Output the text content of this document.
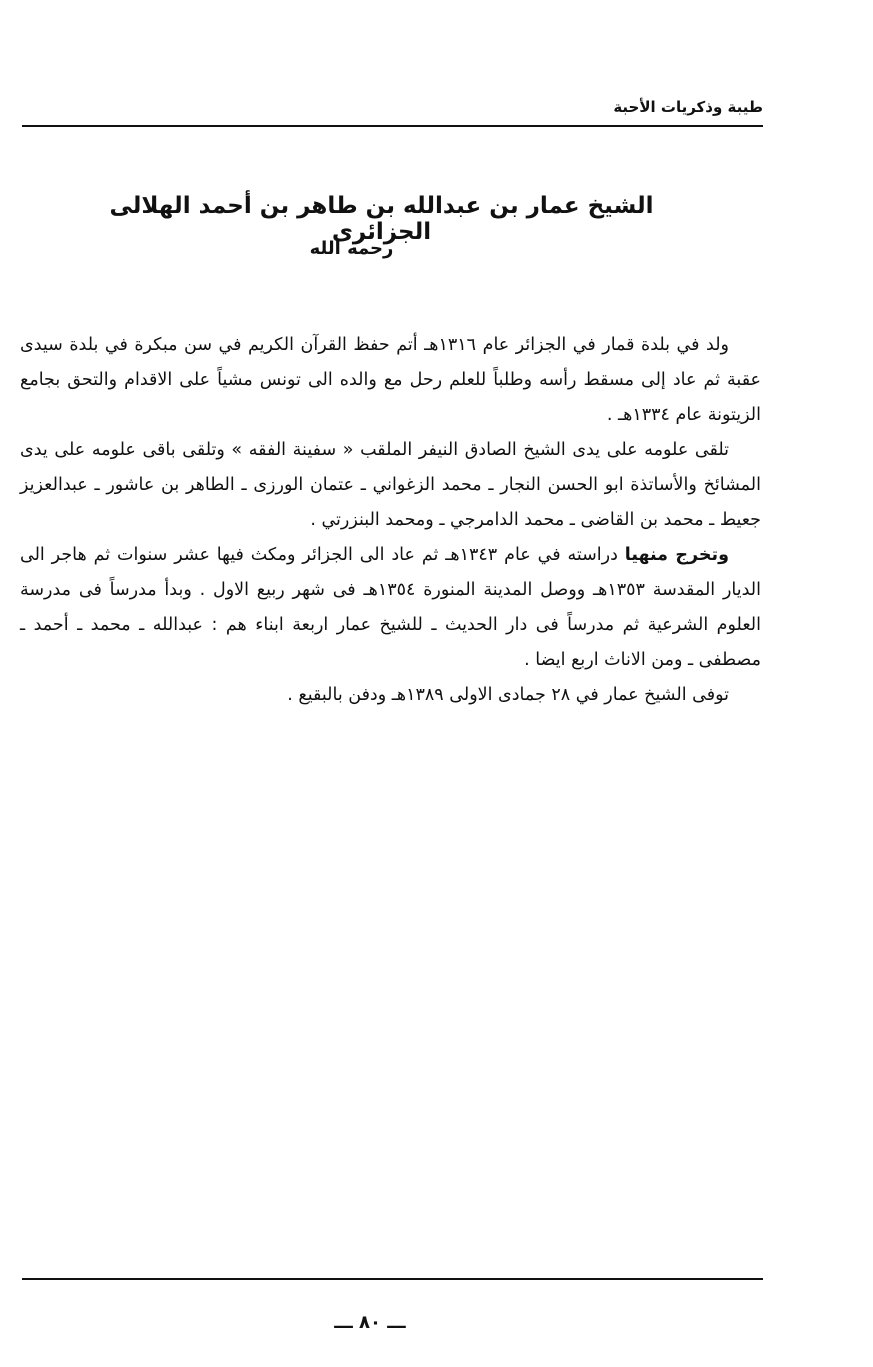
طيبة وذكريات الأحبة
الشيخ عمار بن عبدالله بن طاهر بن أحمد الهلالى الجزائرى
رحمه الله

ولد في بلدة قمار في الجزائر عام ١٣١٦هـ أتم حفظ القرآن الكريم في سن مبكرة في بلدة سيدى عقبة ثم عاد إلى مسقط رأسه وطلباً للعلم رحل مع والده الى تونس مشياً على الاقدام والتحق بجامع الزيتونة عام ١٣٣٤هـ .

تلقى علومه على يدى الشيخ الصادق النيفر الملقب « سفينة الفقه » وتلقى باقى علومه على يدى المشائخ والأساتذة ابو الحسن النجار ـ محمد الزغواني ـ عتمان الورزى ـ الطاهر بن عاشور ـ عبدالعزيز جعيط ـ محمد بن القاضى ـ محمد الدامرجي ـ ومحمد البنزرتي .

وتخرج منهيا دراسته في عام ١٣٤٣هـ ثم عاد الى الجزائر ومكث فيها عشر سنوات ثم هاجر الى الديار المقدسة ١٣٥٣هـ ووصل المدينة المنورة ١٣٥٤هـ فى شهر ربيع الاول . وبدأ مدرساً فى مدرسة العلوم الشرعية ثم مدرساً فى دار الحديث ـ للشيخ عمار اربعة ابناء هم : عبدالله ـ محمد ـ أحمد ـ مصطفى ـ ومن الاناث اربع ايضا .

توفى الشيخ عمار في ٢٨ جمادى الاولى ١٣٨٩هـ ودفن بالبقيع .

ـــ ٨٠ ـــ
